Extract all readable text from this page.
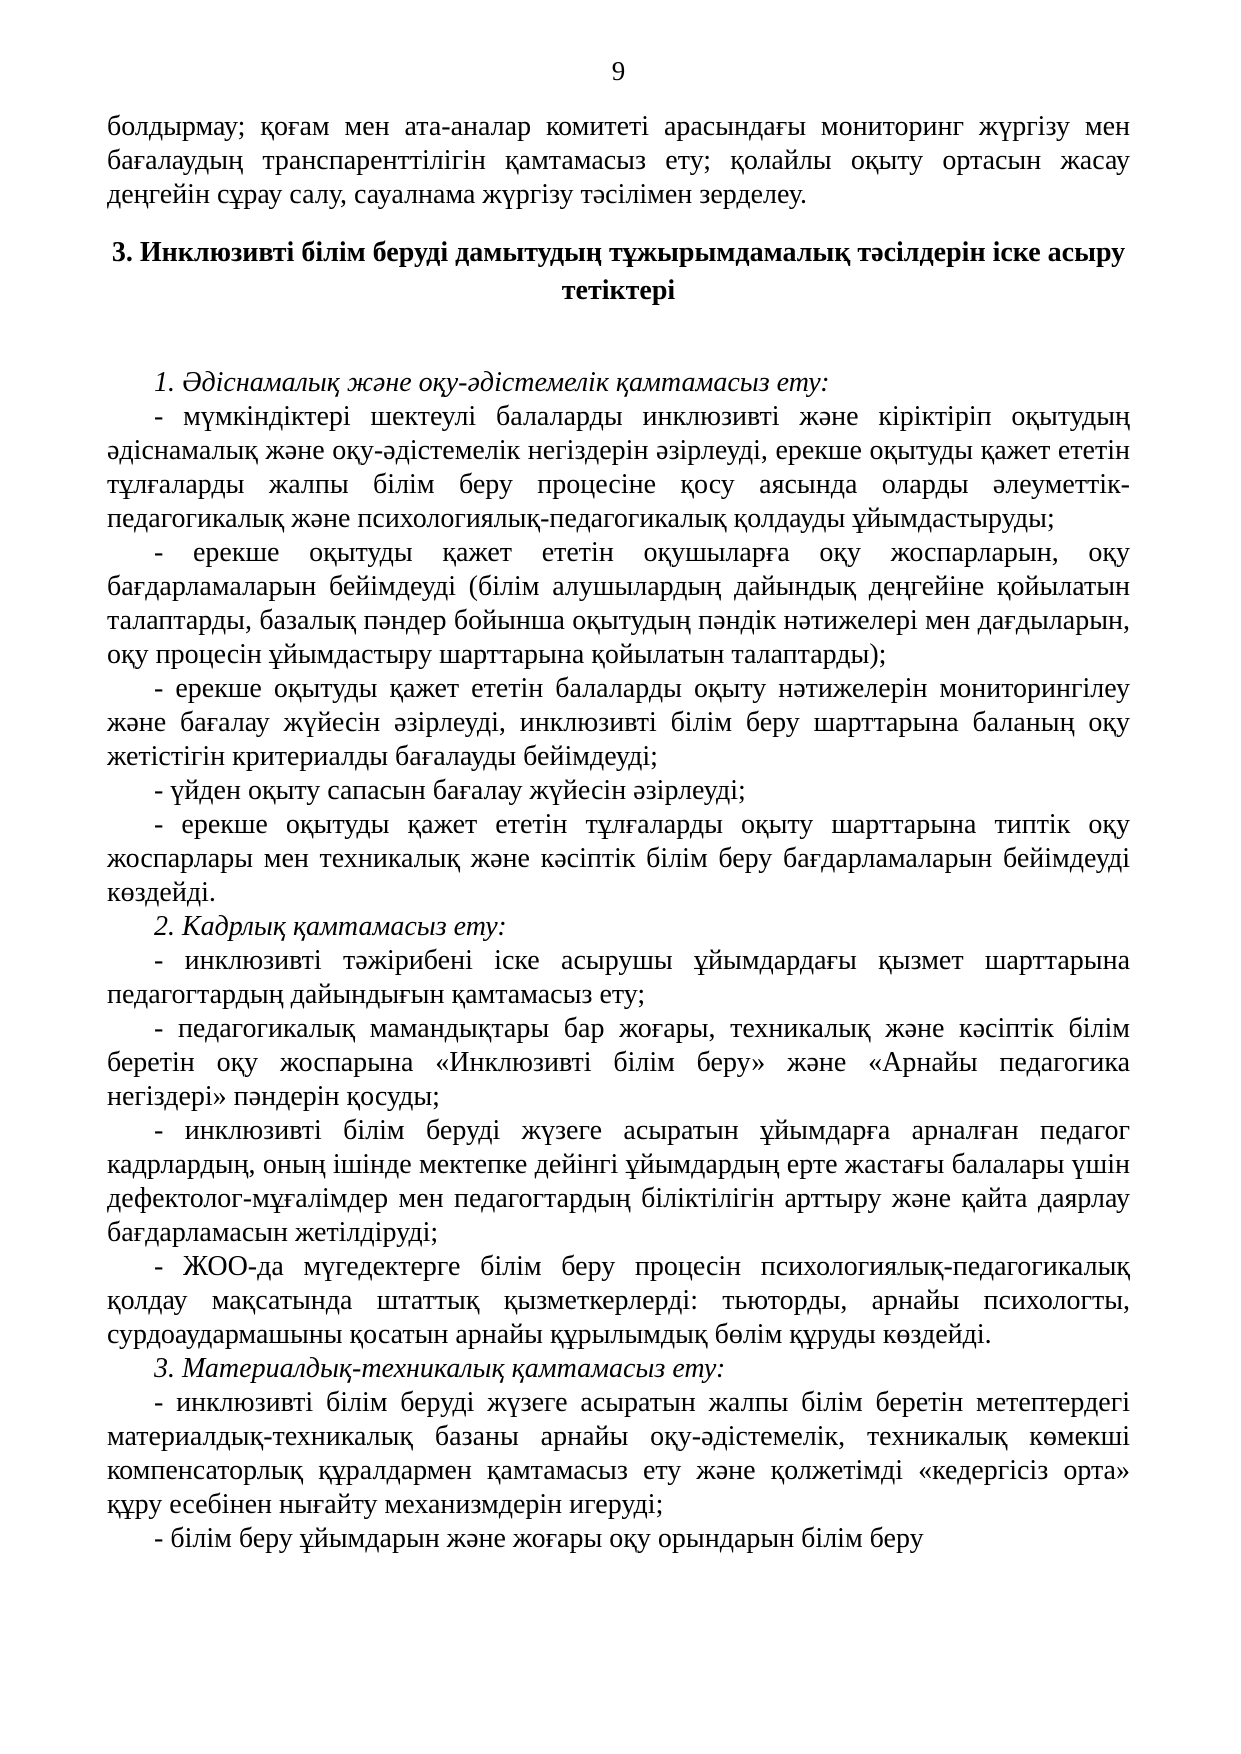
9

болдырмау; қоғам мен ата-аналар комитеті арасындағы мониторинг жүргізу мен бағалаудың транспаренттілігін қамтамасыз ету; қолайлы оқыту ортасын жасау деңгейін сұрау салу, сауалнама жүргізу тәсілімен зерделеу.

3. Инклюзивті білім беруді дамытудың тұжырымдамалық тәсілдерін іске асыру тетіктері

1. Әдіснамалық және оқу-әдістемелік қамтамасыз ету:

- мүмкіндіктері шектеулі балаларды инклюзивті және кіріктіріп оқытудың әдіснамалық және оқу-әдістемелік негіздерін әзірлеуді, ерекше оқытуды қажет ететін тұлғаларды жалпы білім беру процесіне қосу аясында оларды әлеуметтік-педагогикалық және психологиялық-педагогикалық қолдауды ұйымдастыруды;

- ерекше оқытуды қажет ететін оқушыларға оқу жоспарларын, оқу бағдарламаларын бейімдеуді (білім алушылардың дайындық деңгейіне қойылатын талаптарды, базалық пәндер бойынша оқытудың пәндік нәтижелері мен дағдыларын, оқу процесін ұйымдастыру шарттарына қойылатын талаптарды);

- ерекше оқытуды қажет ететін балаларды оқыту нәтижелерін мониторингілеу және бағалау жүйесін әзірлеуді, инклюзивті білім беру шарттарына баланың оқу жетістігін критериалды бағалауды бейімдеуді;

- үйден оқыту сапасын бағалау жүйесін әзірлеуді;

- ерекше оқытуды қажет ететін тұлғаларды оқыту шарттарына типтік оқу жоспарлары мен техникалық және кәсіптік білім беру бағдарламаларын бейімдеуді көздейді.

2. Кадрлық қамтамасыз ету:

- инклюзивті тәжірибені іске асырушы ұйымдардағы қызмет шарттарына педагогтардың дайындығын қамтамасыз ету;

- педагогикалық мамандықтары бар жоғары, техникалық және кәсіптік білім беретін оқу жоспарына «Инклюзивті білім беру» және «Арнайы педагогика негіздері» пәндерін қосуды;

- инклюзивті білім беруді жүзеге асыратын ұйымдарға арналған педагог кадрлардың, оның ішінде мектепке дейінгі ұйымдардың ерте жастағы балалары үшін дефектолог-мұғалімдер мен педагогтардың біліктілігін арттыру және қайта даярлау бағдарламасын жетілдіруді;

- ЖОО-да мүгедектерге білім беру процесін психологиялық-педагогикалық қолдау мақсатында штаттық қызметкерлерді: тьюторды, арнайы психологты, сурдоаудармашыны қосатын арнайы құрылымдық бөлім құруды көздейді.

3. Материалдық-техникалық қамтамасыз ету:

- инклюзивті білім беруді жүзеге асыратын жалпы білім беретін метептердегі материалдық-техникалық базаны арнайы оқу-әдістемелік, техникалық көмекші компенсаторлық құралдармен қамтамасыз ету және қолжетімді «кедергісіз орта» құру есебінен нығайту механизмдерін игеруді;

- білім беру ұйымдарын және жоғары оқу орындарын білім беру
